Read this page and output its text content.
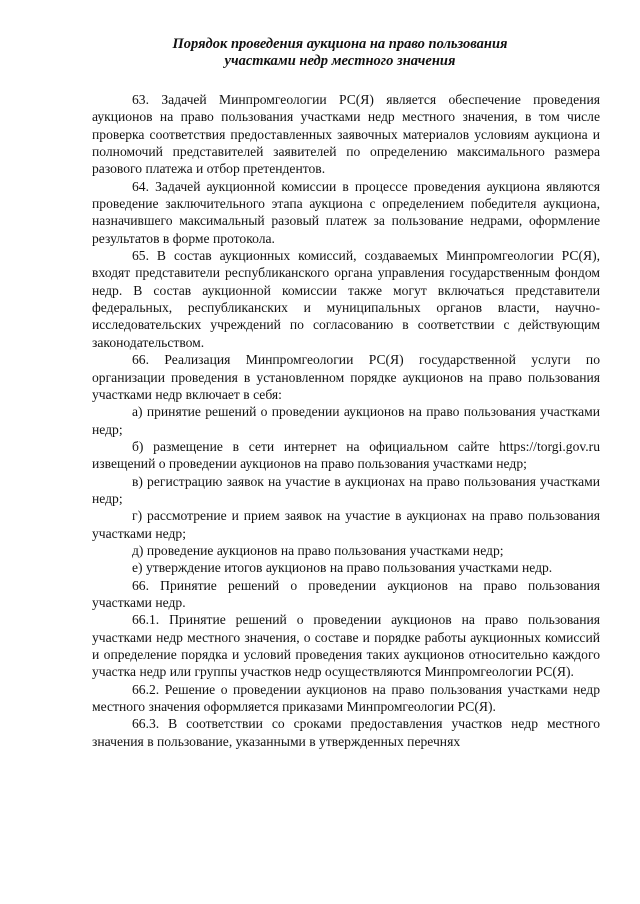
Порядок проведения аукциона на право пользования
участками недр местного значения

63. Задачей Минпромгеологии РС(Я) является обеспечение проведения аукционов на право пользования участками недр местного значения, в том числе проверка соответствия предоставленных заявочных материалов условиям аукциона и полномочий представителей заявителей по определению максимального размера разового платежа и отбор претендентов.

64. Задачей аукционной комиссии в процессе проведения аукциона являются проведение заключительного этапа аукциона с определением победителя аукциона, назначившего максимальный разовый платеж за пользование недрами, оформление результатов в форме протокола.

65. В состав аукционных комиссий, создаваемых Минпромгеологии РС(Я), входят представители республиканского органа управления государственным фондом недр. В состав аукционной комиссии также могут включаться представители федеральных, республиканских и муниципальных органов власти, научно-исследовательских учреждений по согласованию в соответствии с действующим законодательством.

66. Реализация Минпромгеологии РС(Я) государственной услуги по организации проведения в установленном порядке аукционов на право пользования участками недр включает в себя:

а) принятие решений о проведении аукционов на право пользования участками недр;

б) размещение в сети интернет на официальном сайте https://torgi.gov.ru извещений о проведении аукционов на право пользования участками недр;

в) регистрацию заявок на участие в аукционах на право пользования участками недр;

г) рассмотрение и прием заявок на участие в аукционах на право пользования участками недр;

д) проведение аукционов на право пользования участками недр;

е) утверждение итогов аукционов на право пользования участками недр.

66. Принятие решений о проведении аукционов на право пользования участками недр.

66.1. Принятие решений о проведении аукционов на право пользования участками недр местного значения, о составе и порядке работы аукционных комиссий и определение порядка и условий проведения таких аукционов относительно каждого участка недр или группы участков недр осуществляются Минпромгеологии РС(Я).

66.2. Решение о проведении аукционов на право пользования участками недр местного значения оформляется приказами Минпромгеологии РС(Я).

66.3. В соответствии со сроками предоставления участков недр местного значения в пользование, указанными в утвержденных перечнях
